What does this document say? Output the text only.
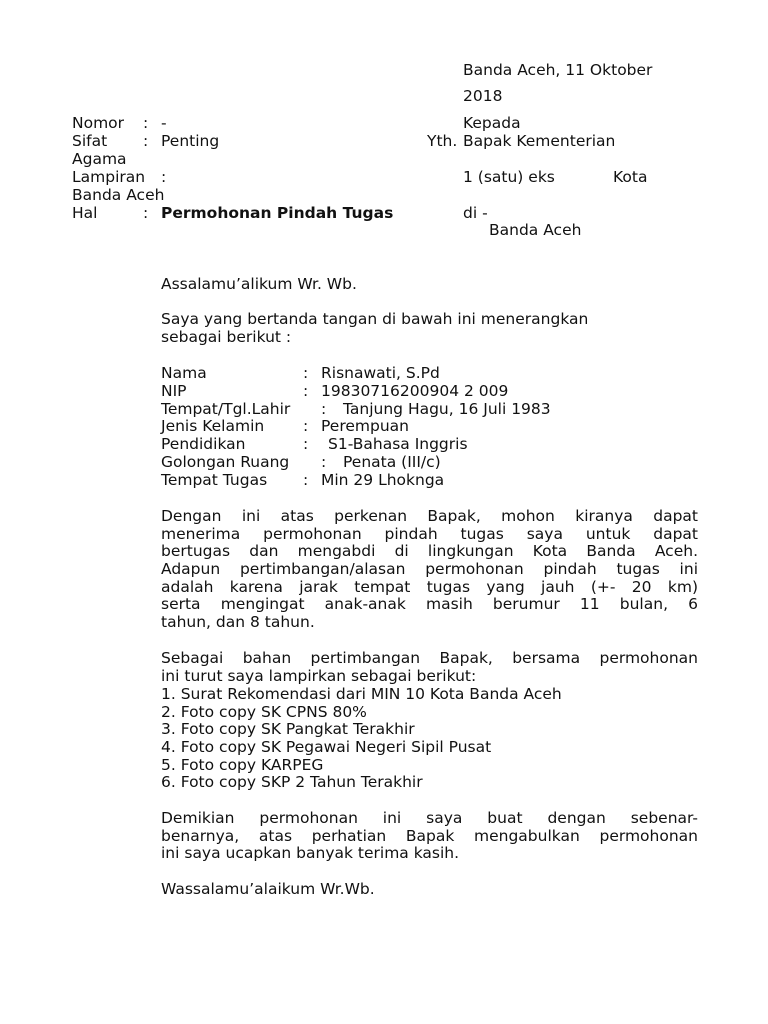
Banda Aceh, 11 Oktober
2018
Nomor : -
Sifat : Penting
Agama
Lampiran :
Banda Aceh
Hal	: Permohonan Pindah Tugas
Kepada
Yth. Bapak Kementerian
1 (satu) eks	Kota
di -
Banda Aceh
Assalamu’alikum Wr. Wb.
Saya yang bertanda tangan di bawah ini menerangkan
sebagai berikut :
Nama	: Risnawati, S.Pd
NIP	: 19830716200904 2 009
Tempat/Tgl.Lahir : Tanjung Hagu, 16 Juli 1983
Jenis Kelamin	: Perempuan
Pendidikan	: S1-Bahasa Inggris
Golongan Ruang : Penata (III/c)
Tempat Tugas : Min 29 Lhoknga
Dengan ini atas perkenan Bapak, mohon kiranya dapat
menerima permohonan pindah tugas saya untuk dapat
bertugas dan mengabdi di lingkungan Kota Banda Aceh.
Adapun pertimbangan/alasan permohonan pindah tugas ini
adalah karena jarak tempat tugas yang jauh (+- 20 km)
serta mengingat anak-anak masih berumur 11 bulan, 6
tahun, dan 8 tahun.
Sebagai bahan pertimbangan Bapak, bersama permohonan
ini turut saya lampirkan sebagai berikut:
1. Surat Rekomendasi dari MIN 10 Kota Banda Aceh
2. Foto copy SK CPNS 80%
3. Foto copy SK Pangkat Terakhir
4. Foto copy SK Pegawai Negeri Sipil Pusat
5. Foto copy KARPEG
6. Foto copy SKP 2 Tahun Terakhir
Demikian permohonan ini saya buat dengan sebenar-
benarnya, atas perhatian Bapak mengabulkan permohonan
ini saya ucapkan banyak terima kasih.
Wassalamu’alaikum Wr.Wb.
